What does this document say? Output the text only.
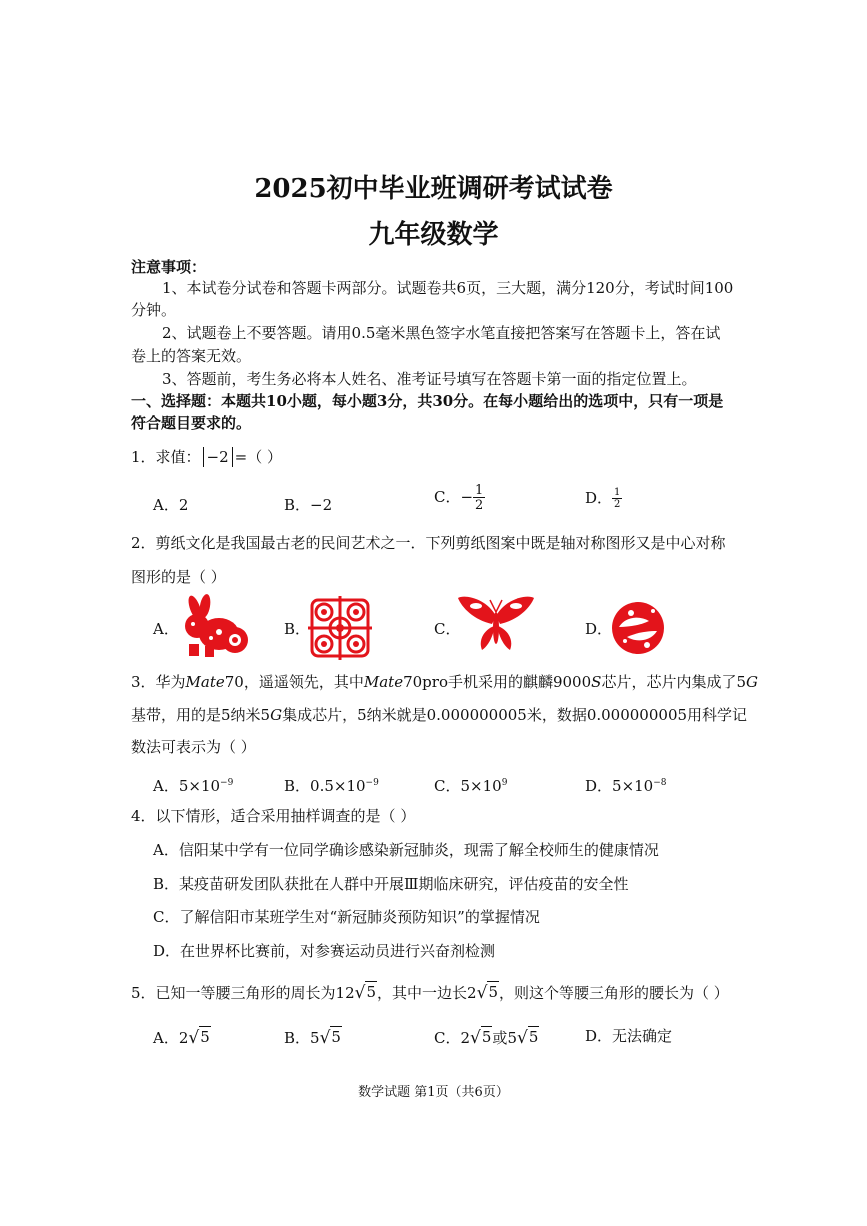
2025初中毕业班调研考试试卷
九年级数学
注意事项：
1、本试卷分试卷和答题卡两部分。试题卷共6页，三大题，满分120分，考试时间100
分钟。
2、试题卷上不要答题。请用0.5毫米黑色签字水笔直接把答案写在答题卡上，答在试
卷上的答案无效。
3、答题前，考生务必将本人姓名、准考证号填写在答题卡第一面的指定位置上。
一、选择题：本题共10小题，每小题3分，共30分。在每小题给出的选项中，只有一项是
符合题目要求的。
1．求值： −2 =（ ）
A．2	B．−2	C．− $\frac{1}{2}$	D． $\frac{1}{2}$
2．剪纸文化是我国最古老的民间艺术之一．下列剪纸图案中既是轴对称图形又是中心对称
图形的是（ ）
A．	B．	C．	D．
3．华为Mate70，遥遥领先，其中Mate70pro手机采用的麒麟9000S芯片，芯片内集成了5G
基带，用的是5纳米5G集成芯片，5纳米就是0.000000005米，数据0.000000005用科学记
数法可表示为（ ）
A．$5\times 10^{-9}$	B．$0.5\times 10^{-9}$	C．$5\times 10^9$	D．$5\times 10^{-8}$
4．以下情形，适合采用抽样调查的是（ ）
A．信阳某中学有一位同学确诊感染新冠肺炎，现需了解全校师生的健康情况
B．某疫苗研发团队获批在人群中开展Ⅲ期临床研究，评估疫苗的安全性
C．了解信阳市某班学生对“新冠肺炎预防知识”的掌握情况
D．在世界杯比赛前，对参赛运动员进行兴奋剂检测
5．已知一等腰三角形的周长为12 √ 5 ，其中一边长2 √ 5 ，则这个等腰三角形的腰长为（ ）
A．2 √ 5	B．5 √ 5	C．2 √ 5 或5 √ 5	D．无法确定
数学试题 第1页（共6页）
